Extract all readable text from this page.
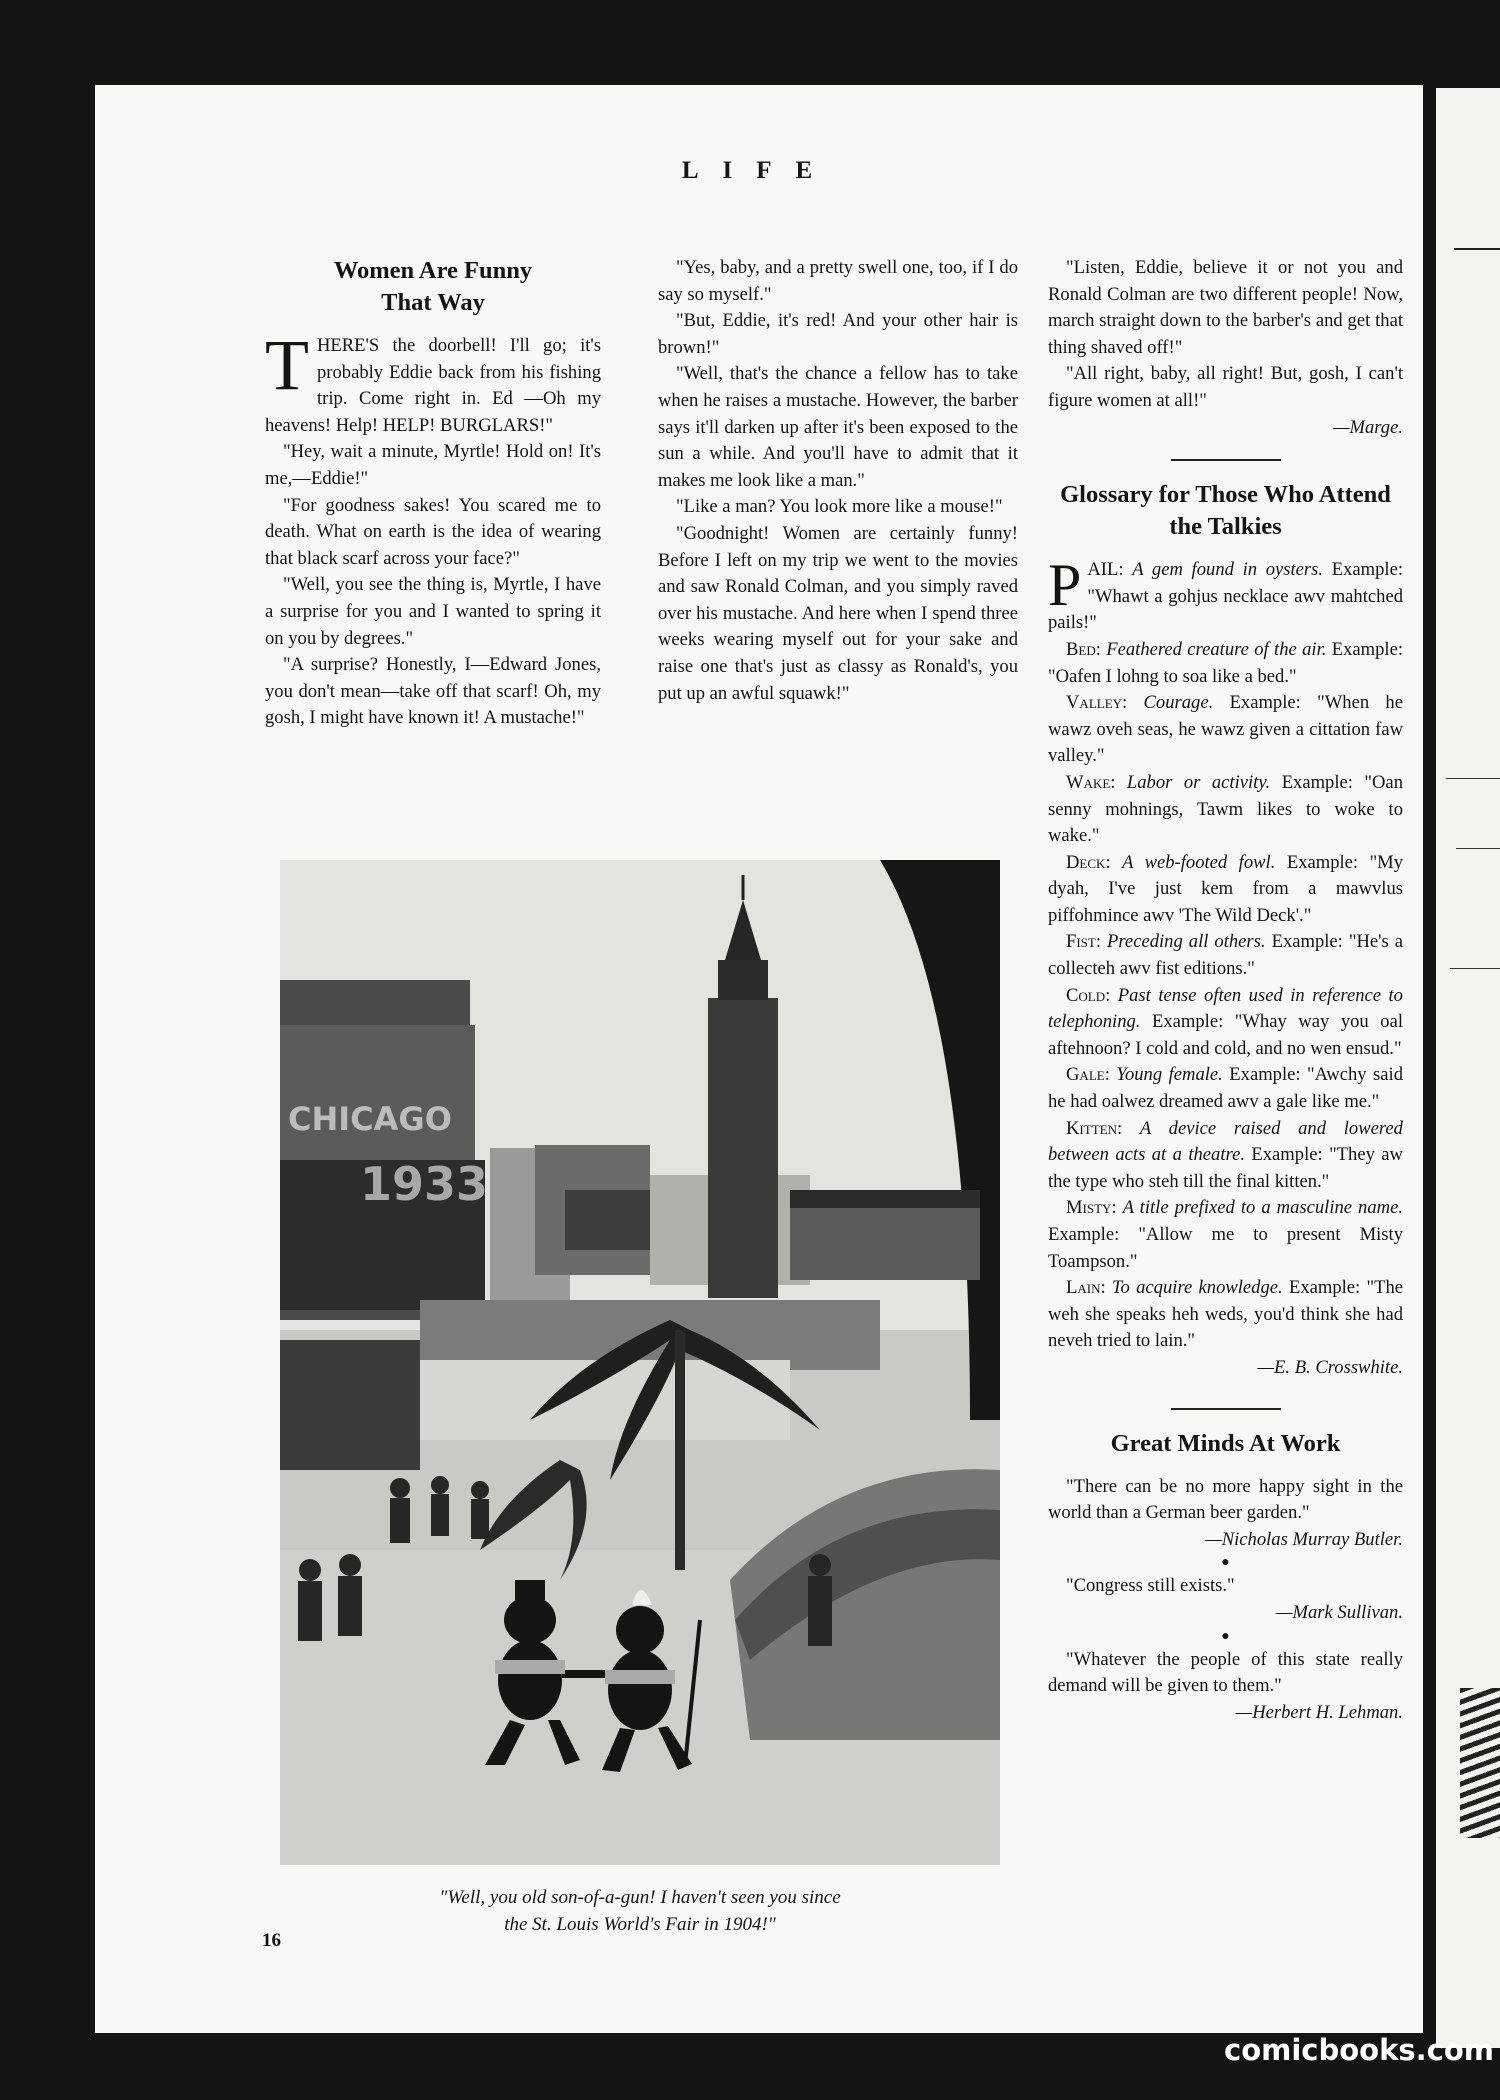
LIFE
Women Are Funny
That Way

THERE'S the doorbell! I'll go; it's probably Eddie back from his fishing trip. Come right in. Ed —Oh my heavens! Help! HELP! BURGLARS!"

"Hey, wait a minute, Myrtle! Hold on! It's me,—Eddie!"

"For goodness sakes! You scared me to death. What on earth is the idea of wearing that black scarf across your face?"

"Well, you see the thing is, Myrtle, I have a surprise for you and I wanted to spring it on you by degrees."

"A surprise? Honestly, I—Edward Jones, you don't mean—take off that scarf! Oh, my gosh, I might have known it! A mustache!"

"Yes, baby, and a pretty swell one, too, if I do say so myself."

"But, Eddie, it's red! And your other hair is brown!"

"Well, that's the chance a fellow has to take when he raises a mustache. However, the barber says it'll darken up after it's been exposed to the sun a while. And you'll have to admit that it makes me look like a man."

"Like a man? You look more like a mouse!"

"Goodnight! Women are certainly funny! Before I left on my trip we went to the movies and saw Ronald Colman, and you simply raved over his mustache. And here when I spend three weeks wearing myself out for your sake and raise one that's just as classy as Ronald's, you put up an awful squawk!"

"Listen, Eddie, believe it or not you and Ronald Colman are two different people! Now, march straight down to the barber's and get that thing shaved off!"

"All right, baby, all right! But, gosh, I can't figure women at all!"

—Marge.

Glossary for Those Who Attend
the Talkies

PAIL: A gem found in oysters. Example: "Whawt a gohjus necklace awv mahtched pails!"

Bed: Feathered creature of the air. Example: "Oafen I lohng to soa like a bed."

Valley: Courage. Example: "When he wawz oveh seas, he wawz given a cittation faw valley."

Wake: Labor or activity. Example: "Oan senny mohnings, Tawm likes to woke to wake."

Deck: A web-footed fowl. Example: "My dyah, I've just kem from a mawvlus piffohmince awv 'The Wild Deck'."

Fist: Preceding all others. Example: "He's a collecteh awv fist editions."

Cold: Past tense often used in reference to telephoning. Example: "Whay way you oal aftehnoon? I cold and cold, and no wen ensud."

Gale: Young female. Example: "Awchy said he had oalwez dreamed awv a gale like me."

Kitten: A device raised and lowered between acts at a theatre. Example: "They aw the type who steh till the final kitten."

Misty: A title prefixed to a masculine name. Example: "Allow me to present Misty Toampson."

Lain: To acquire knowledge. Example: "The weh she speaks heh weds, you'd think she had neveh tried to lain."

—E. B. Crosswhite.

Great Minds At Work

"There can be no more happy sight in the world than a German beer garden."

—Nicholas Murray Butler.

●

"Congress still exists."

—Mark Sullivan.

●

"Whatever the people of this state really demand will be given to them."

—Herbert H. Lehman.

CHICAGO
1933
"Well, you old son-of-a-gun! I haven't seen you since
the St. Louis World's Fair in 1904!"
16
comicbooks.com
